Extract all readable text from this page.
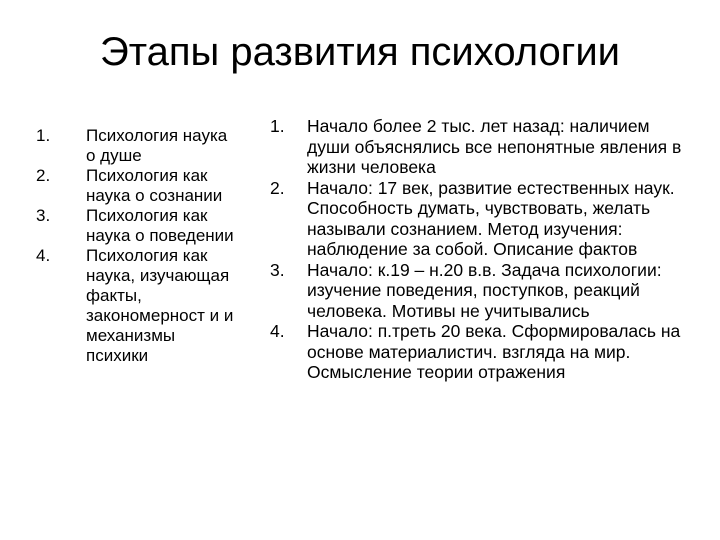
Этапы развития психологии
1.	Психология наука о душе
2.	Психология как наука о сознании
3.	Психология как наука о поведении
4.	Психология как наука, изучающая факты, закономерност и и механизмы психики
1.	Начало более 2 тыс. лет назад: наличием души объяснялись все непонятные явления в жизни человека
2.	Начало: 17 век, развитие естественных наук. Способность думать, чувствовать, желать называли сознанием. Метод изучения: наблюдение за собой. Описание фактов
3.	Начало: к.19 – н.20 в.в. Задача психологии: изучение поведения, поступков, реакций человека. Мотивы не учитывались
4.	Начало: п.треть 20 века. Сформировалась на основе материалистич. взгляда на мир. Осмысление теории отражения
